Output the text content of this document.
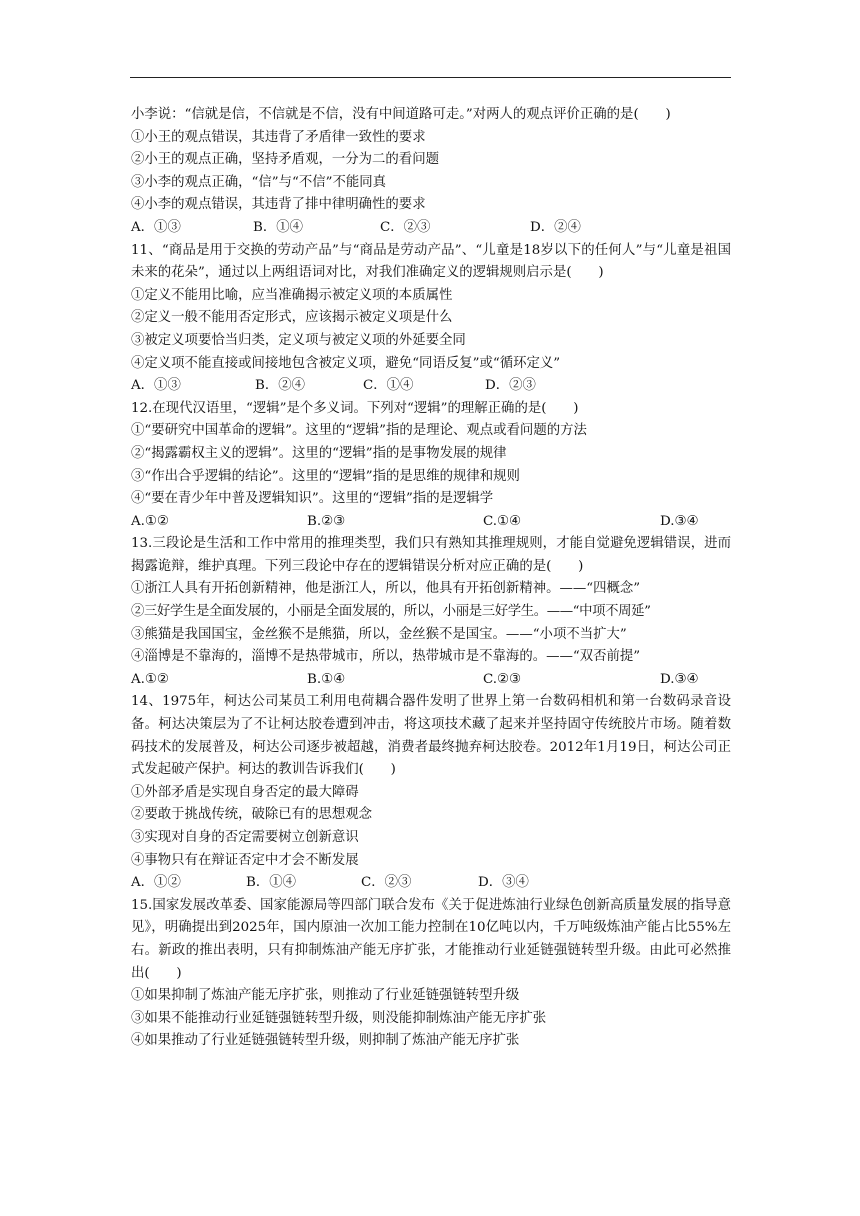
小李说：“信就是信，不信就是不信，没有中间道路可走。”对两人的观点评价正确的是(　　)
①小王的观点错误，其违背了矛盾律一致性的要求
②小王的观点正确，坚持矛盾观，一分为二的看问题
③小李的观点正确，“信”与“不信”不能同真
④小李的观点错误，其违背了排中律明确性的要求
A．①③	B．①④	C．②③	D．②④
11、“商品是用于交换的劳动产品”与“商品是劳动产品”、“儿童是18岁以下的任何人”与“儿童是祖国未来的花朵”，通过以上两组语词对比，对我们准确定义的逻辑规则启示是(　　)
①定义不能用比喻，应当准确揭示被定义项的本质属性
②定义一般不能用否定形式，应该揭示被定义项是什么
③被定义项要恰当归类，定义项与被定义项的外延要全同
④定义项不能直接或间接地包含被定义项，避免“同语反复”或“循环定义”
A．①③	B．②④	C．①④	D．②③
12.在现代汉语里，“逻辑”是个多义词。下列对“逻辑”的理解正确的是(　　)
①“要研究中国革命的逻辑”。这里的“逻辑”指的是理论、观点或看问题的方法
②“揭露霸权主义的逻辑”。这里的“逻辑”指的是事物发展的规律
③“作出合乎逻辑的结论”。这里的“逻辑”指的是思维的规律和规则
④“要在青少年中普及逻辑知识”。这里的“逻辑”指的是逻辑学
A.①②	B.②③	C.①④	D.③④
13.三段论是生活和工作中常用的推理类型，我们只有熟知其推理规则，才能自觉避免逻辑错误，进而揭露诡辩，维护真理。下列三段论中存在的逻辑错误分析对应正确的是(　　)
①浙江人具有开拓创新精神，他是浙江人，所以，他具有开拓创新精神。——“四概念”
②三好学生是全面发展的，小丽是全面发展的，所以，小丽是三好学生。——“中项不周延”
③熊猫是我国国宝，金丝猴不是熊猫，所以，金丝猴不是国宝。——“小项不当扩大”
④淄博是不靠海的，淄博不是热带城市，所以，热带城市是不靠海的。——“双否前提”
A.①②	B.①④	C.②③	D.③④
14、1975年，柯达公司某员工利用电荷耦合器件发明了世界上第一台数码相机和第一台数码录音设备。柯达决策层为了不让柯达胶卷遭到冲击，将这项技术藏了起来并坚持固守传统胶片市场。随着数码技术的发展普及，柯达公司逐步被超越，消费者最终抛弃柯达胶卷。2012年1月19日，柯达公司正式发起破产保护。柯达的教训告诉我们(　　)
①外部矛盾是实现自身否定的最大障碍
②要敢于挑战传统，破除已有的思想观念
③实现对自身的否定需要树立创新意识
④事物只有在辩证否定中才会不断发展
A．①②	B．①④	C．②③	D．③④
15.国家发展改革委、国家能源局等四部门联合发布《关于促进炼油行业绿色创新高质量发展的指导意见》，明确提出到2025年，国内原油一次加工能力控制在10亿吨以内，千万吨级炼油产能占比55%左右。新政的推出表明，只有抑制炼油产能无序扩张，才能推动行业延链强链转型升级。由此可必然推出(　　)
①如果抑制了炼油产能无序扩张，则推动了行业延链强链转型升级
③如果不能推动行业延链强链转型升级，则没能抑制炼油产能无序扩张
④如果推动了行业延链强链转型升级，则抑制了炼油产能无序扩张
